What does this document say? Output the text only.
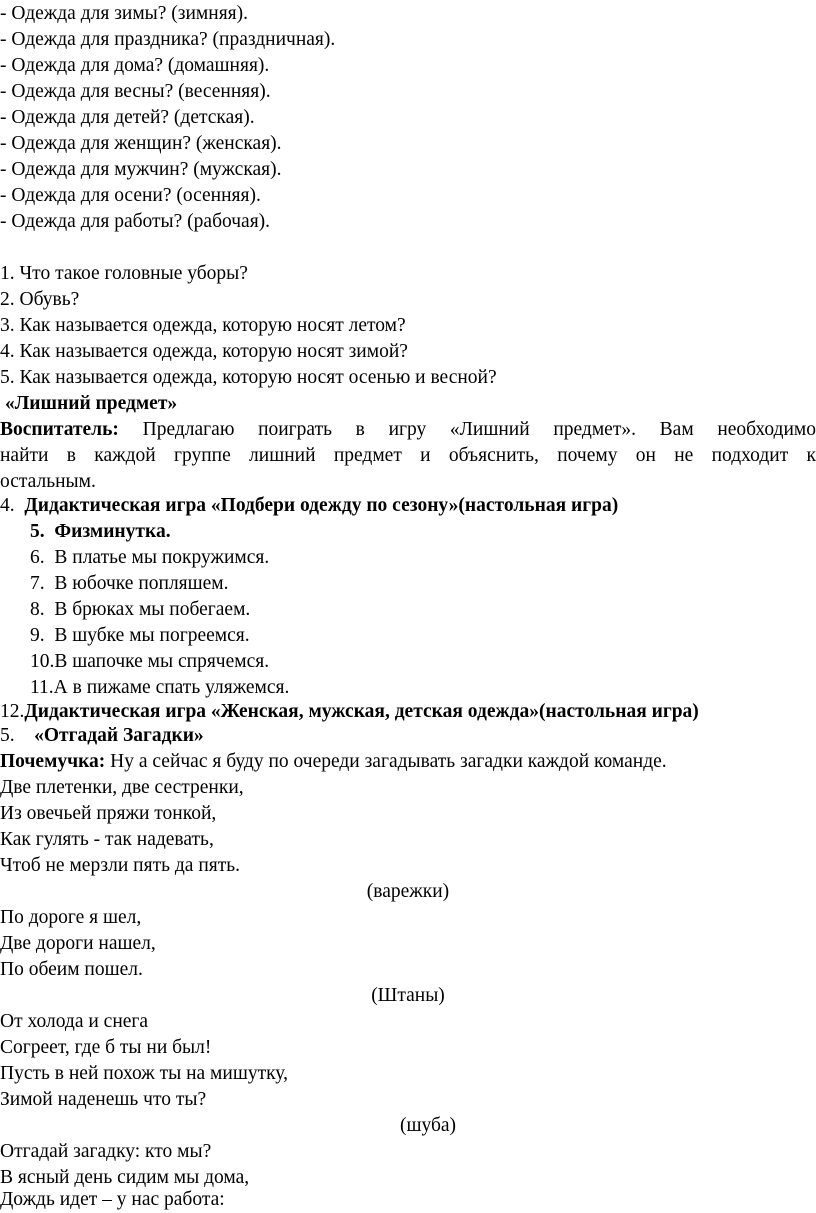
- Одежда для зимы? (зимняя).
- Одежда для праздника? (праздничная).
- Одежда для дома? (домашняя).
- Одежда для весны? (весенняя).
- Одежда для детей? (детская).
- Одежда для женщин? (женская).
- Одежда для мужчин? (мужская).
- Одежда для осени? (осенняя).
- Одежда для работы? (рабочая).
1. Что такое головные уборы?
2. Обувь?
3. Как называется одежда, которую носят летом?
4. Как называется одежда, которую носят зимой?
5. Как называется одежда, которую носят осенью и весной?
«Лишний предмет»
Воспитатель: Предлагаю поиграть в игру «Лишний предмет». Вам необходимо
найти в каждой группе лишний предмет и объяснить, почему он не подходит к
остальным.
4. Дидактическая игра «Подбери одежду по сезону»(настольная игра)
5. Физминутка.
6. В платье мы покружимся.
7. В юбочке попляшем.
8. В брюках мы побегаем.
9. В шубке мы погреемся.
10.В шапочке мы спрячемся.
11.А в пижаме спать уляжемся.
12.Дидактическая игра «Женская, мужская, детская одежда»(настольная игра)
5. «Отгадай Загадки»
Почемучка: Ну а сейчас я буду по очереди загадывать загадки каждой команде.
Две плетенки, две сестренки,
Из овечьей пряжи тонкой,
Как гулять - так надевать,
Чтоб не мерзли пять да пять.
(варежки)
По дороге я шел,
Две дороги нашел,
По обеим пошел.
(Штаны)
От холода и снега
Согреет, где б ты ни был!
Пусть в ней похож ты на мишутку,
Зимой наденешь что ты?
(шуба)
Отгадай загадку: кто мы?
В ясный день сидим мы дома,
Дождь идет – у нас работа:
